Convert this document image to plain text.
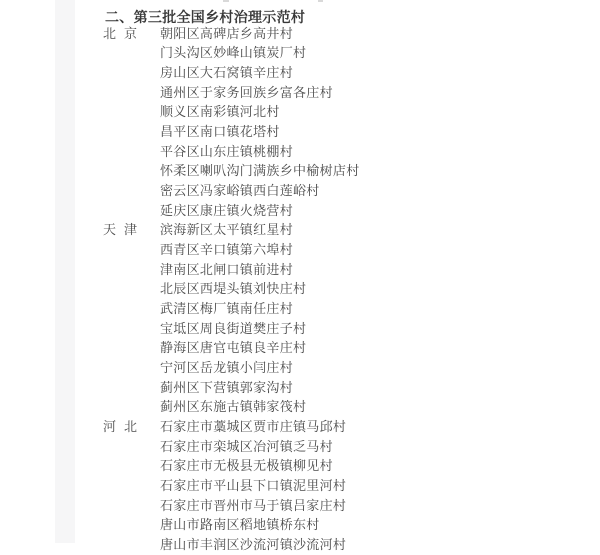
二、第三批全国乡村治理示范村
北 京 朝阳区高碑店乡高井村
门头沟区妙峰山镇炭厂村
房山区大石窝镇辛庄村
通州区于家务回族乡富各庄村
顺义区南彩镇河北村
昌平区南口镇花塔村
平谷区山东庄镇桃棚村
怀柔区喇叭沟门满族乡中榆树店村
密云区冯家峪镇西白莲峪村
延庆区康庄镇火烧营村
天 津 滨海新区太平镇红星村
西青区辛口镇第六埠村
津南区北闸口镇前进村
北辰区西堤头镇刘快庄村
武清区梅厂镇南任庄村
宝坻区周良街道樊庄子村
静海区唐官屯镇良辛庄村
宁河区岳龙镇小闫庄村
蓟州区下营镇郭家沟村
蓟州区东施古镇韩家筏村
河 北 石家庄市藁城区贾市庄镇马邱村
石家庄市栾城区冶河镇乏马村
石家庄市无极县无极镇柳见村
石家庄市平山县下口镇泥里河村
石家庄市晋州市马于镇吕家庄村
唐山市路南区稻地镇桥东村
唐山市丰润区沙流河镇沙流河村
